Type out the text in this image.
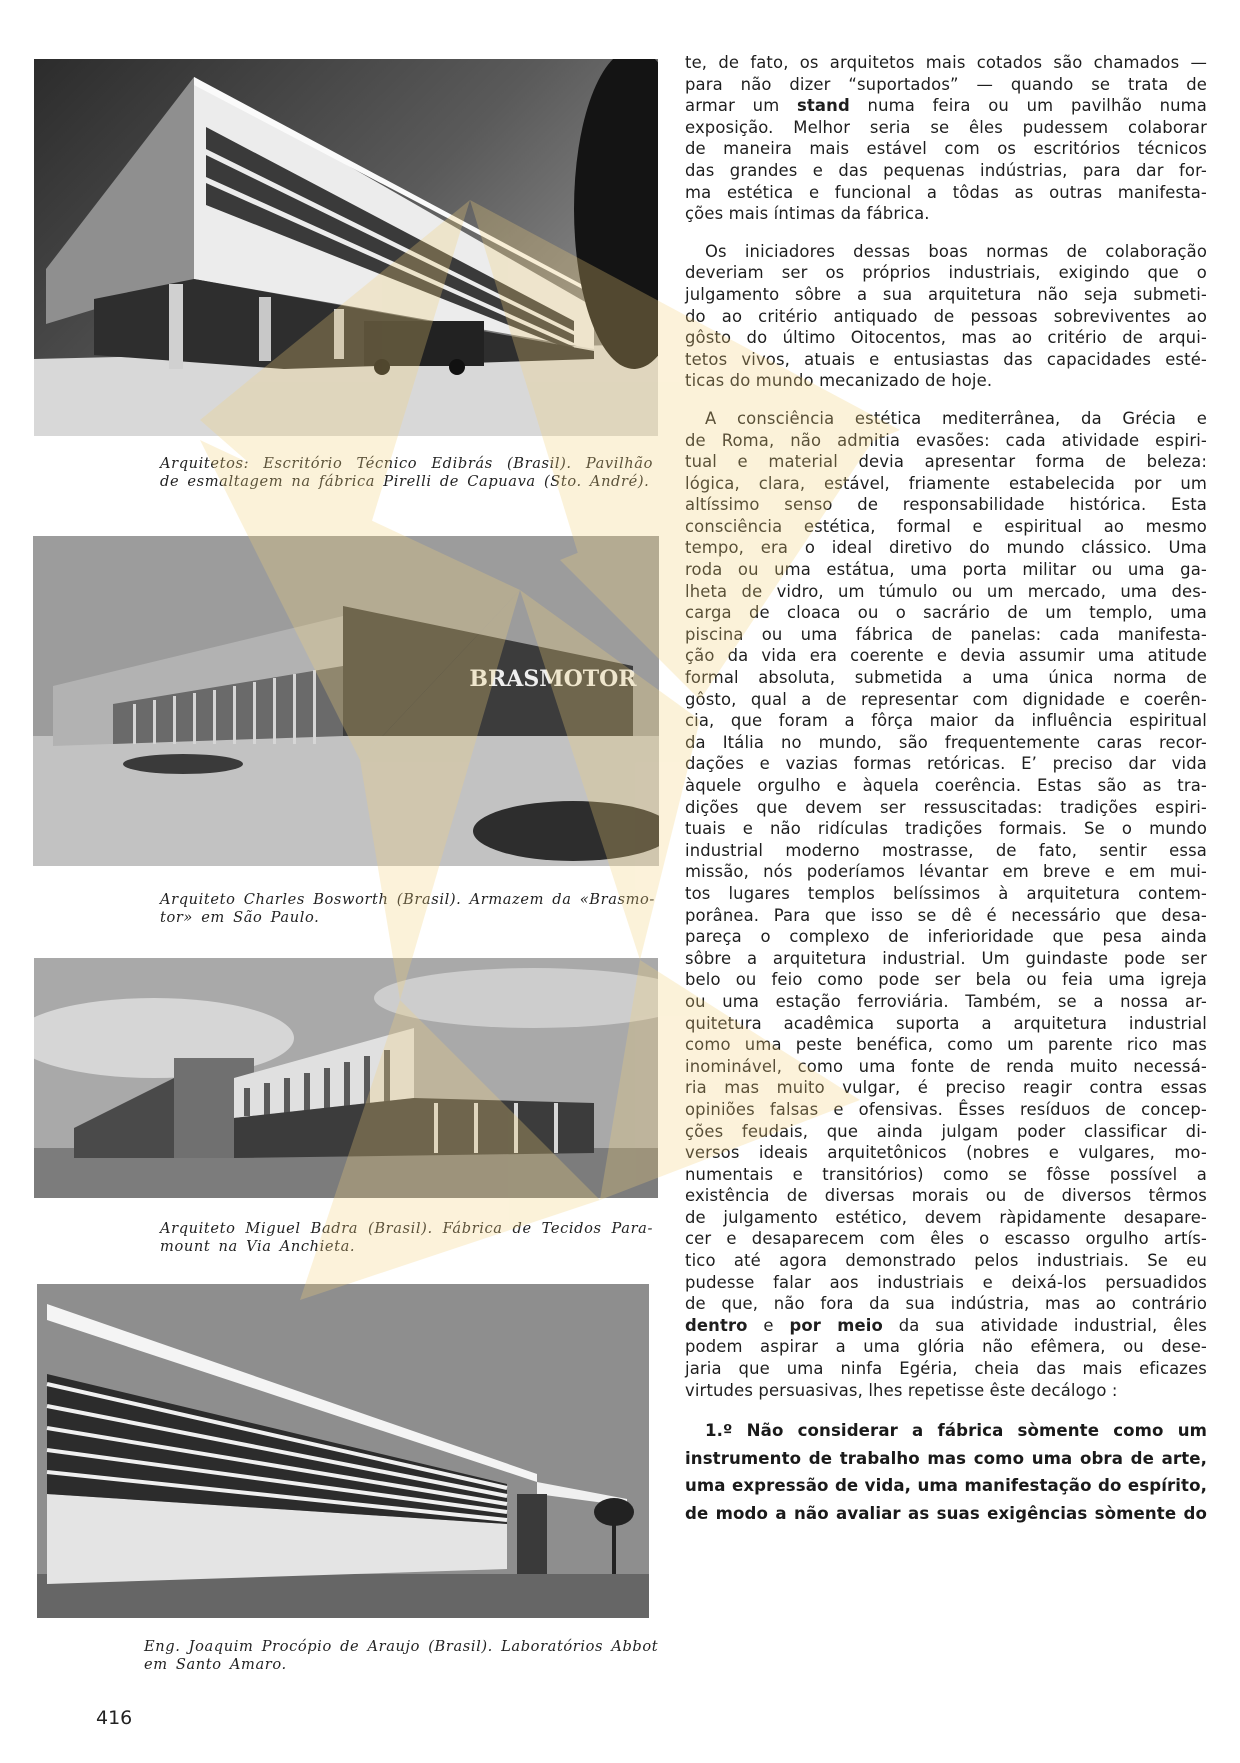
Arquitetos: Escritório Técnico Edibrás (Brasil). Pavilhão
de esmaltagem na fábrica Pirelli de Capuava (Sto. André).
BRASMOTOR
Arquiteto Charles Bosworth (Brasil). Armazem da «Brasmo-
tor» em São Paulo.
Arquiteto Miguel Badra (Brasil). Fábrica de Tecidos Para-
mount na Via Anchieta.
Eng. Joaquim Procópio de Araujo (Brasil). Laboratórios Abbot
em Santo Amaro.
te, de fato, os arquitetos mais cotados são chamados —
para não dizer “suportados” — quando se trata de
armar um stand numa feira ou um pavilhão numa
exposição. Melhor seria se êles pudessem colaborar
de maneira mais estável com os escritórios técnicos
das grandes e das pequenas indústrias, para dar for-
ma estética e funcional a tôdas as outras manifesta-
ções mais íntimas da fábrica.
Os iniciadores dessas boas normas de colaboração
deveriam ser os próprios industriais, exigindo que o
julgamento sôbre a sua arquitetura não seja submeti-
do ao critério antiquado de pessoas sobreviventes ao
gôsto do último Oitocentos, mas ao critério de arqui-
tetos vivos, atuais e entusiastas das capacidades esté-
ticas do mundo mecanizado de hoje.
A consciência estética mediterrânea, da Grécia e
de Roma, não admitia evasões: cada atividade espiri-
tual e material devia apresentar forma de beleza:
lógica, clara, estável, friamente estabelecida por um
altíssimo senso de responsabilidade histórica. Esta
consciência estética, formal e espiritual ao mesmo
tempo, era o ideal diretivo do mundo clássico. Uma
roda ou uma estátua, uma porta militar ou uma ga-
lheta de vidro, um túmulo ou um mercado, uma des-
carga de cloaca ou o sacrário de um templo, uma
piscina ou uma fábrica de panelas: cada manifesta-
ção da vida era coerente e devia assumir uma atitude
formal absoluta, submetida a uma única norma de
gôsto, qual a de representar com dignidade e coerên-
cia, que foram a fôrça maior da influência espiritual
da Itália no mundo, são frequentemente caras recor-
dações e vazias formas retóricas. E’ preciso dar vida
àquele orgulho e àquela coerência. Estas são as tra-
dições que devem ser ressuscitadas: tradições espiri-
tuais e não ridículas tradições formais. Se o mundo
industrial moderno mostrasse, de fato, sentir essa
missão, nós poderíamos lévantar em breve e em mui-
tos lugares templos belíssimos à arquitetura contem-
porânea. Para que isso se dê é necessário que desa-
pareça o complexo de inferioridade que pesa ainda
sôbre a arquitetura industrial. Um guindaste pode ser
belo ou feio como pode ser bela ou feia uma igreja
ou uma estação ferroviária. Também, se a nossa ar-
quitetura acadêmica suporta a arquitetura industrial
como uma peste benéfica, como um parente rico mas
inominável, como uma fonte de renda muito necessá-
ria mas muito vulgar, é preciso reagir contra essas
opiniões falsas e ofensivas. Êsses resíduos de concep-
ções feudais, que ainda julgam poder classificar di-
versos ideais arquitetônicos (nobres e vulgares, mo-
numentais e transitórios) como se fôsse possível a
existência de diversas morais ou de diversos têrmos
de julgamento estético, devem ràpidamente desapare-
cer e desaparecem com êles o escasso orgulho artís-
tico até agora demonstrado pelos industriais. Se eu
pudesse falar aos industriais e deixá-los persuadidos
de que, não fora da sua indústria, mas ao contrário
dentro e por meio da sua atividade industrial, êles
podem aspirar a uma glória não efêmera, ou dese-
jaria que uma ninfa Egéria, cheia das mais eficazes
virtudes persuasivas, lhes repetisse êste decálogo :
1.º Não considerar a fábrica sòmente como um
instrumento de trabalho mas como uma obra de arte,
uma expressão de vida, uma manifestação do espírito,
de modo a não avaliar as suas exigências sòmente do
416
